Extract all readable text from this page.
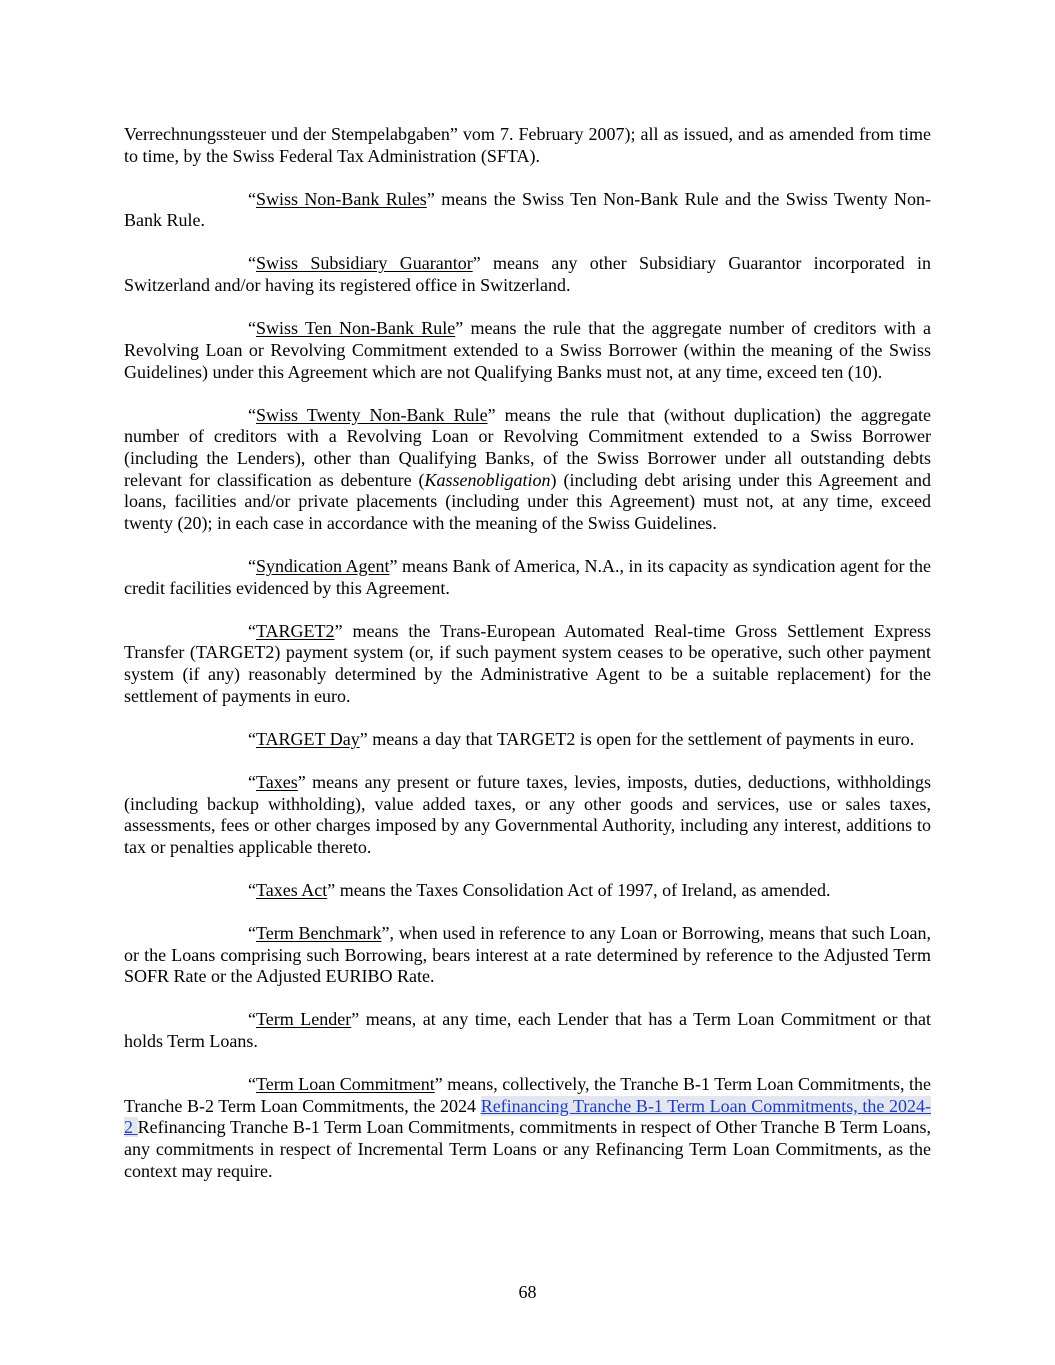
Verrechnungssteuer und der Stempelabgaben” vom 7. February 2007); all as issued, and as amended from time to time, by the Swiss Federal Tax Administration (SFTA).

“Swiss Non-Bank Rules” means the Swiss Ten Non-Bank Rule and the Swiss Twenty Non-Bank Rule.

“Swiss Subsidiary Guarantor” means any other Subsidiary Guarantor incorporated in Switzerland and/or having its registered office in Switzerland.

“Swiss Ten Non-Bank Rule” means the rule that the aggregate number of creditors with a Revolving Loan or Revolving Commitment extended to a Swiss Borrower (within the meaning of the Swiss Guidelines) under this Agreement which are not Qualifying Banks must not, at any time, exceed ten (10).

“Swiss Twenty Non-Bank Rule” means the rule that (without duplication) the aggregate number of creditors with a Revolving Loan or Revolving Commitment extended to a Swiss Borrower (including the Lenders), other than Qualifying Banks, of the Swiss Borrower under all outstanding debts relevant for classification as debenture (Kassenobligation) (including debt arising under this Agreement and loans, facilities and/or private placements (including under this Agreement) must not, at any time, exceed twenty (20); in each case in accordance with the meaning of the Swiss Guidelines.

“Syndication Agent” means Bank of America, N.A., in its capacity as syndication agent for the credit facilities evidenced by this Agreement.

“TARGET2” means the Trans-European Automated Real-time Gross Settlement Express Transfer (TARGET2) payment system (or, if such payment system ceases to be operative, such other payment system (if any) reasonably determined by the Administrative Agent to be a suitable replacement) for the settlement of payments in euro.

“TARGET Day” means a day that TARGET2 is open for the settlement of payments in euro.

“Taxes” means any present or future taxes, levies, imposts, duties, deductions, withholdings (including backup withholding), value added taxes, or any other goods and services, use or sales taxes, assessments, fees or other charges imposed by any Governmental Authority, including any interest, additions to tax or penalties applicable thereto.

“Taxes Act” means the Taxes Consolidation Act of 1997, of Ireland, as amended.

“Term Benchmark”, when used in reference to any Loan or Borrowing, means that such Loan, or the Loans comprising such Borrowing, bears interest at a rate determined by reference to the Adjusted Term SOFR Rate or the Adjusted EURIBO Rate.

“Term Lender” means, at any time, each Lender that has a Term Loan Commitment or that holds Term Loans.

“Term Loan Commitment” means, collectively, the Tranche B-1 Term Loan Commitments, the Tranche B-2 Term Loan Commitments, the 2024 Refinancing Tranche B-1 Term Loan Commitments, the 2024-2 Refinancing Tranche B-1 Term Loan Commitments, commitments in respect of Other Tranche B Term Loans, any commitments in respect of Incremental Term Loans or any Refinancing Term Loan Commitments, as the context may require.

68
